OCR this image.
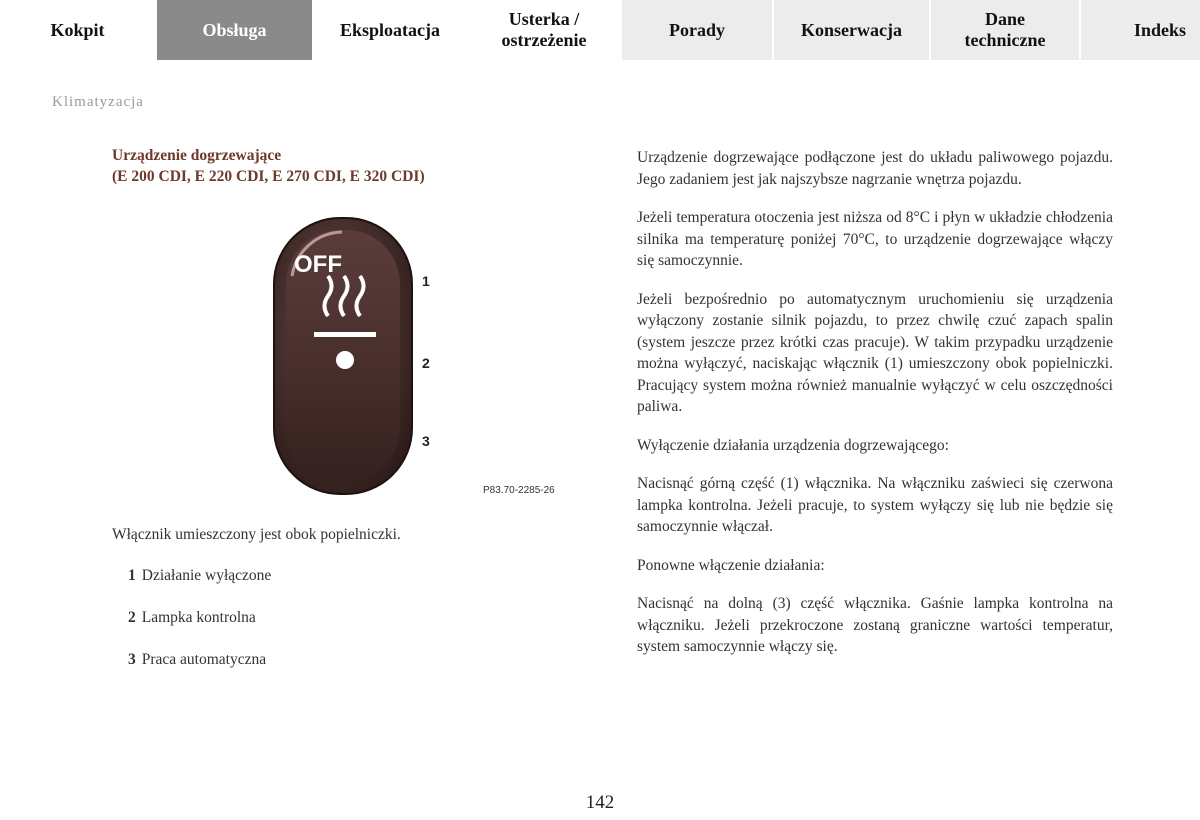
Kokpit	Obsługa	Eksploatacja
Usterka /
ostrzeżenie
Porady	Konserwacja
Dane
techniczne
Indeks
Klimatyzacja
Urządzenie dogrzewające
(E 200 CDI, E 220 CDI, E 270 CDI, E 320 CDI)
OFF
1
2
3
P83.70-2285-26
Włącznik umieszczony jest obok popielniczki.
1 Działanie wyłączone
2 Lampka kontrolna
3 Praca automatyczna

Urządzenie dogrzewające podłączone jest do układu paliwowego pojazdu. Jego zadaniem jest jak najszybsze nagrzanie wnętrza pojazdu.

Jeżeli temperatura otoczenia jest niższa od 8°C i płyn w układzie chłodzenia silnika ma temperaturę poniżej 70°C, to urządzenie dogrzewające włączy się samoczynnie.

Jeżeli bezpośrednio po automatycznym uruchomieniu się urządzenia wyłączony zostanie silnik pojazdu, to przez chwilę czuć zapach spalin (system jeszcze przez krótki czas pracuje). W takim przypadku urządzenie można wyłączyć, naciskając włącznik (1) umieszczony obok popielniczki. Pracujący system można również manualnie wyłączyć w celu oszczędności paliwa.

Wyłączenie działania urządzenia dogrzewającego:

Nacisnąć górną część (1) włącznika. Na włączniku zaświeci się czerwona lampka kontrolna. Jeżeli pracuje, to system wyłączy się lub nie będzie się samoczynnie włączał.

Ponowne włączenie działania:

Nacisnąć na dolną (3) część włącznika. Gaśnie lampka kontrolna na włączniku. Jeżeli przekroczone zostaną graniczne wartości temperatur, system samoczynnie włączy się.

142
